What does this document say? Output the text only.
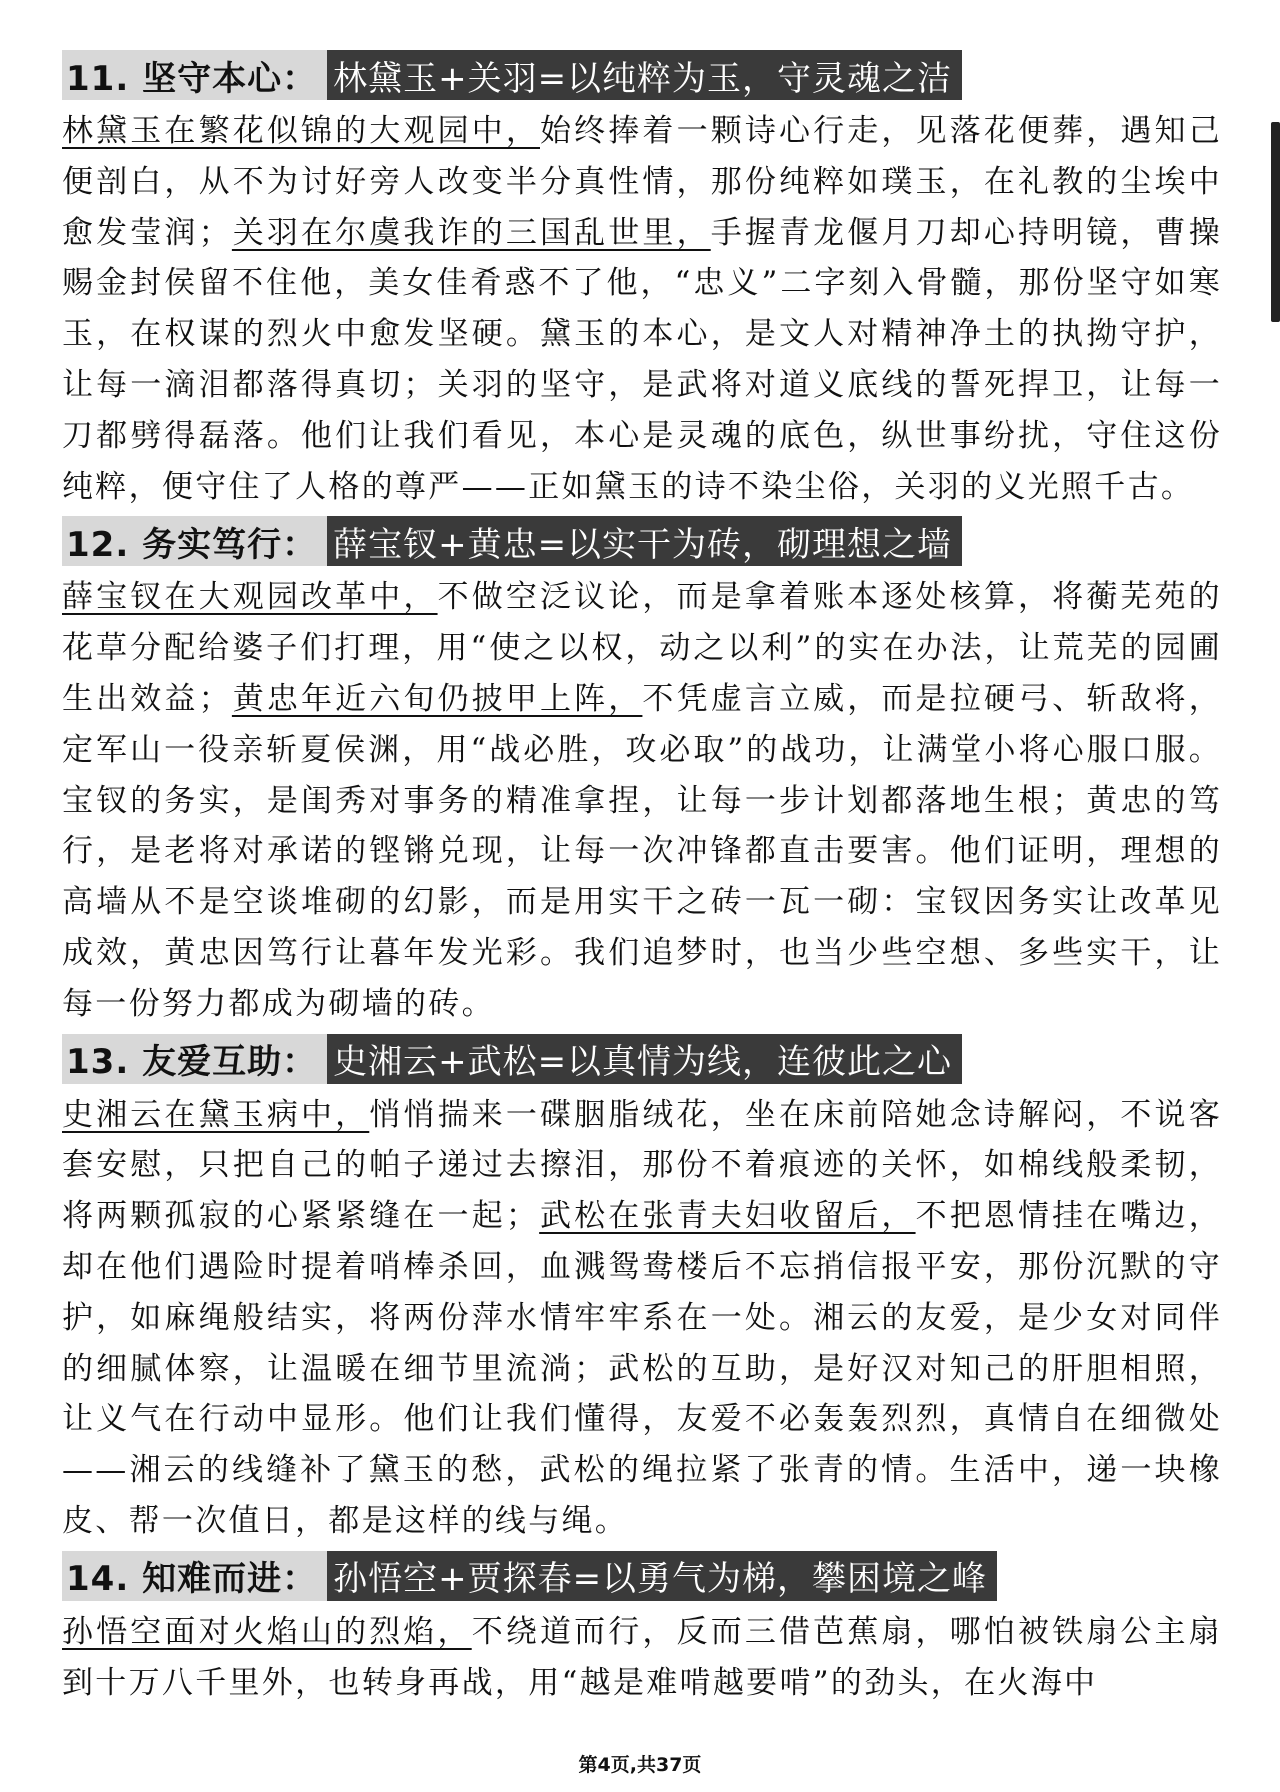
11. 坚守本心： 林黛玉+关羽=以纯粹为玉，守灵魂之洁
林黛玉在繁花似锦的大观园中，始终捧着一颗诗心行走，见落花便葬，遇知己便剖白，从不为讨好旁人改变半分真性情，那份纯粹如璞玉，在礼教的尘埃中愈发莹润；关羽在尔虞我诈的三国乱世里，手握青龙偃月刀却心持明镜，曹操赐金封侯留不住他，美女佳肴惑不了他，“忠义”二字刻入骨髓，那份坚守如寒玉，在权谋的烈火中愈发坚硬。黛玉的本心，是文人对精神净土的执拗守护，让每一滴泪都落得真切；关羽的坚守，是武将对道义底线的誓死捍卫，让每一刀都劈得磊落。他们让我们看见，本心是灵魂的底色，纵世事纷扰，守住这份纯粹，便守住了人格的尊严——正如黛玉的诗不染尘俗，关羽的义光照千古。
12. 务实笃行： 薛宝钗+黄忠=以实干为砖，砌理想之墙
薛宝钗在大观园改革中，不做空泛议论，而是拿着账本逐处核算，将蘅芜苑的花草分配给婆子们打理，用“使之以权，动之以利”的实在办法，让荒芜的园圃生出效益；黄忠年近六旬仍披甲上阵，不凭虚言立威，而是拉硬弓、斩敌将，定军山一役亲斩夏侯渊，用“战必胜，攻必取”的战功，让满堂小将心服口服。宝钗的务实，是闺秀对事务的精准拿捏，让每一步计划都落地生根；黄忠的笃行，是老将对承诺的铿锵兑现，让每一次冲锋都直击要害。他们证明，理想的高墙从不是空谈堆砌的幻影，而是用实干之砖一瓦一砌：宝钗因务实让改革见成效，黄忠因笃行让暮年发光彩。我们追梦时，也当少些空想、多些实干，让每一份努力都成为砌墙的砖。
13. 友爱互助： 史湘云+武松=以真情为线，连彼此之心
史湘云在黛玉病中，悄悄揣来一碟胭脂绒花，坐在床前陪她念诗解闷，不说客套安慰，只把自己的帕子递过去擦泪，那份不着痕迹的关怀，如棉线般柔韧，将两颗孤寂的心紧紧缝在一起；武松在张青夫妇收留后，不把恩情挂在嘴边，却在他们遇险时提着哨棒杀回，血溅鸳鸯楼后不忘捎信报平安，那份沉默的守护，如麻绳般结实，将两份萍水情牢牢系在一处。湘云的友爱，是少女对同伴的细腻体察，让温暖在细节里流淌；武松的互助，是好汉对知己的肝胆相照，让义气在行动中显形。他们让我们懂得，友爱不必轰轰烈烈，真情自在细微处——湘云的线缝补了黛玉的愁，武松的绳拉紧了张青的情。生活中，递一块橡皮、帮一次值日，都是这样的线与绳。
14. 知难而进： 孙悟空+贾探春=以勇气为梯，攀困境之峰
孙悟空面对火焰山的烈焰，不绕道而行，反而三借芭蕉扇，哪怕被铁扇公主扇到十万八千里外，也转身再战，用“越是难啃越要啃”的劲头，在火海中
第4页,共37页
